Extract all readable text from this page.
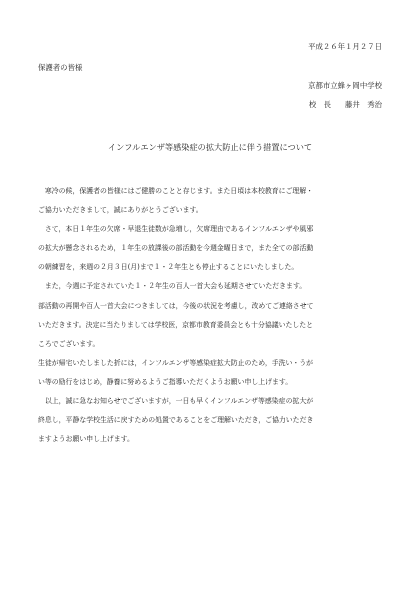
平成２６年１月２７日
保護者の皆様
京都市立蜂ヶ岡中学校
校　長 藤井　秀治
インフルエンザ等感染症の拡大防止に伴う措置について

　寒冷の候，保護者の皆様にはご健勝のことと存じます。また日頃は本校教育にご理解・

ご協力いただきまして，誠にありがとうございます。

　さて，本日１年生の欠席・早退生徒数が急増し，欠席理由であるインフルエンザや風邪

の拡大が懸念されるため，１年生の放課後の部活動を今週金曜日まで，また全ての部活動

の朝練習を，来週の２月３日(月)まで１・２年生とも停止することにいたしました。

　また，今週に予定されていた１・２年生の百人一首大会も延期させていただきます。

部活動の再開や百人一首大会につきましては，今後の状況を考慮し，改めてご連絡させて

いただきます。決定に当たりましては学校医，京都市教育委員会とも十分協議いたしたと

ころでございます。

生徒が帰宅いたしました折には，インフルエンザ等感染症拡大防止のため，手洗い・うが

い等の励行をはじめ，静養に努めるようご指導いただくようお願い申し上げます。

　以上，誠に急なお知らせでございますが，一日も早くインフルエンザ等感染症の拡大が

終息し，平静な学校生活に戻すための処置であることをご理解いただき，ご協力いただき

ますようお願い申し上げます。
